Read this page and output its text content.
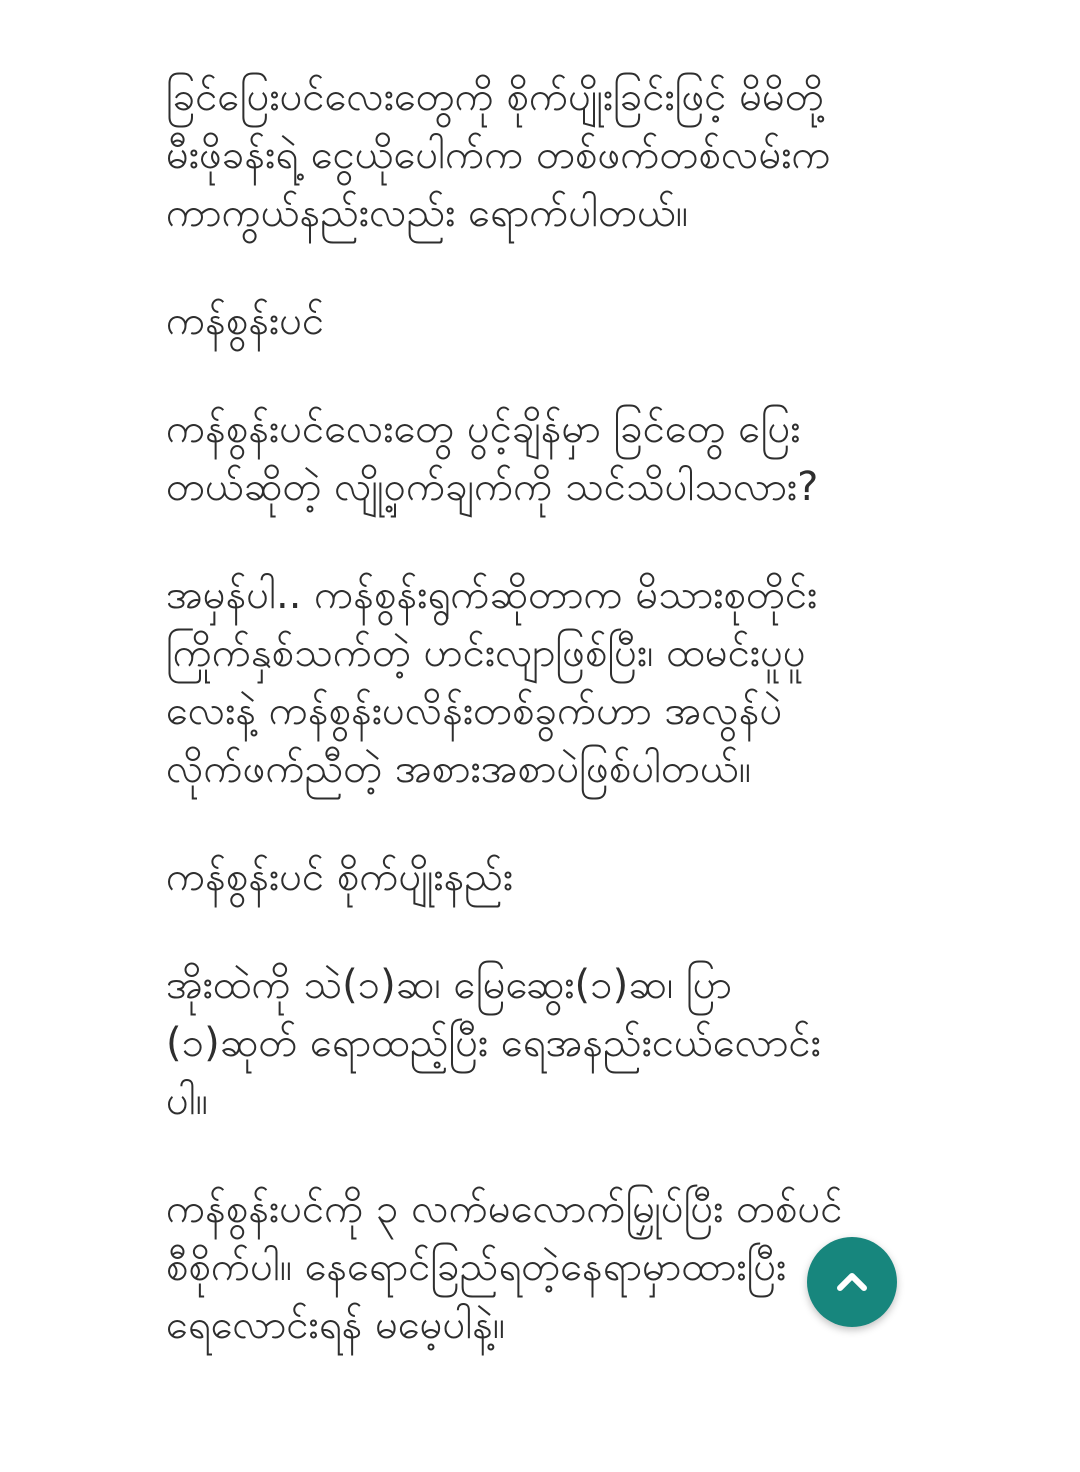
ခြင်ပြေးပင်လေးတွေကို စိုက်ပျိုးခြင်းဖြင့် မိမိတို့
မီးဖိုခန်းရဲ့ ငွေယိုပေါက်က တစ်ဖက်တစ်လမ်းက
ကာကွယ်နည်းလည်း ရောက်ပါတယ်။

ကန်စွန်းပင်

ကန်စွန်းပင်လေးတွေ ပွင့်ချိန်မှာ ခြင်တွေ ပြေး
တယ်ဆိုတဲ့ လျို့ဝှက်ချက်ကို သင်သိပါသလား?

အမှန်ပါ.. ကန်စွန်းရွက်ဆိုတာက မိသားစုတိုင်း
ကြိုက်နှစ်သက်တဲ့ ဟင်းလျာဖြစ်ပြီး၊ ထမင်းပူပူ
လေးနဲ့ ကန်စွန်းပလိန်းတစ်ခွက်ဟာ အလွန်ပဲ
လိုက်ဖက်ညီတဲ့ အစားအစာပဲဖြစ်ပါတယ်။

ကန်စွန်းပင် စိုက်ပျိုးနည်း

အိုးထဲကို သဲ(၁)ဆ၊ မြေဆွေး(၁)ဆ၊ ပြာ
(၁)ဆုတ် ရောထည့်ပြီး ရေအနည်းငယ်လောင်း
ပါ။

ကန်စွန်းပင်ကို ၃ လက်မလောက်မြှုပ်ပြီး တစ်ပင်
စီစိုက်ပါ။ နေရောင်ခြည်ရတဲ့နေရာမှာထားပြီး
ရေလောင်းရန် မမေ့ပါနဲ့။
